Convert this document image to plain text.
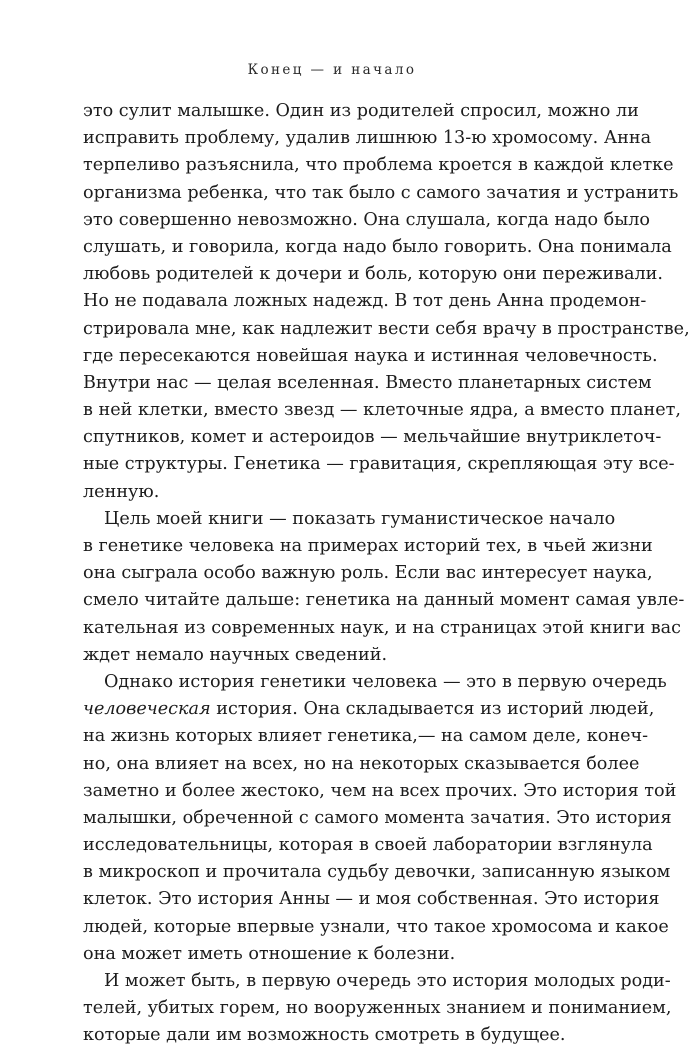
Конец — и начало
это сулит малышке. Один из родителей спросил, можно ли
исправить проблему, удалив лишнюю 13-ю хромосому. Анна
терпеливо разъяснила, что проблема кроется в каждой клетке
организма ребенка, что так было с самого зачатия и устранить
это совершенно невозможно. Она слушала, когда надо было
слушать, и говорила, когда надо было говорить. Она понимала
любовь родителей к дочери и боль, которую они переживали.
Но не подавала ложных надежд. В тот день Анна продемон-
стрировала мне, как надлежит вести себя врачу в пространстве,
где пересекаются новейшая наука и истинная человечность.
Внутри нас — целая вселенная. Вместо планетарных систем
в ней клетки, вместо звезд — клеточные ядра, а вместо планет,
спутников, комет и астероидов — мельчайшие внутриклеточ-
ные структуры. Генетика — гравитация, скрепляющая эту все-
ленную.
Цель моей книги — показать гуманистическое начало
в генетике человека на примерах историй тех, в чьей жизни
она сыграла особо важную роль. Если вас интересует наука,
смело читайте дальше: генетика на данный момент самая увле-
кательная из современных наук, и на страницах этой книги вас
ждет немало научных сведений.
Однако история генетики человека — это в первую очередь
человеческая история. Она складывается из историй людей,
на жизнь которых влияет генетика,— на самом деле, конеч-
но, она влияет на всех, но на некоторых сказывается более
заметно и более жестоко, чем на всех прочих. Это история той
малышки, обреченной с самого момента зачатия. Это история
исследовательницы, которая в своей лаборатории взглянула
в микроскоп и прочитала судьбу девочки, записанную языком
клеток. Это история Анны — и моя собственная. Это история
людей, которые впервые узнали, что такое хромосома и какое
она может иметь отношение к болезни.
И может быть, в первую очередь это история молодых роди-
телей, убитых горем, но вооруженных знанием и пониманием,
которые дали им возможность смотреть в будущее.
